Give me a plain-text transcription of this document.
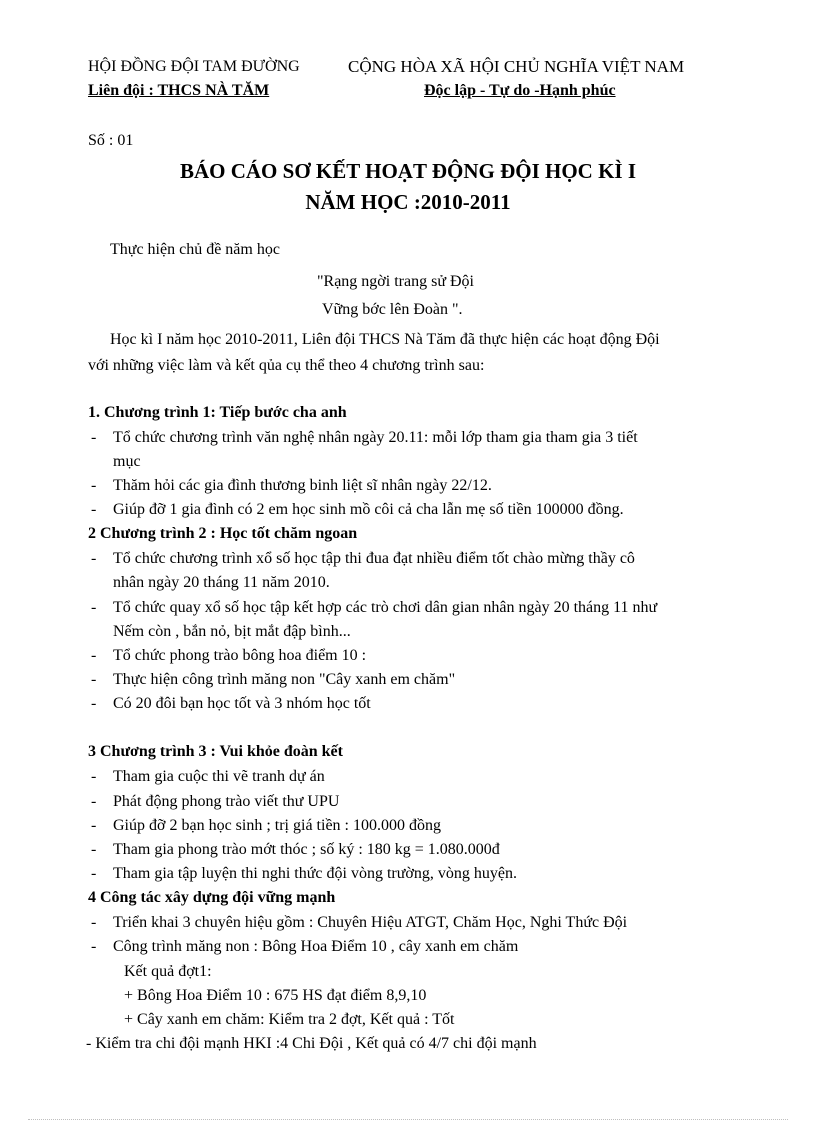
HỘI ĐỒNG ĐỘI TAM ĐƯỜNG
Liên đội : THCS NÀ TĂM
CỘNG HÒA XÃ HỘI CHỦ NGHĨA VIỆT NAM
Độc lập - Tự do -Hạnh phúc
Số : 01
BÁO CÁO SƠ KẾT HOẠT ĐỘNG ĐỘI HỌC KÌ I
NĂM HỌC :2010-2011
Thực hiện chủ đề năm học
"Rạng ngời trang sử Đội
Vững bớc lên Đoàn ".
Học kì I năm học 2010-2011, Liên đội THCS Nà Tăm đã thực hiện các hoạt động Đội
với những việc làm và kết qủa cụ thể theo 4 chương trình sau:
1. Chương trình 1: Tiếp bước cha anh
- Tổ chức chương trình văn nghệ nhân ngày 20.11: mỗi lớp tham gia tham gia 3 tiết
mục
- Thăm hỏi các gia đình thương binh liệt sĩ nhân ngày 22/12.
- Giúp đỡ 1 gia đình có 2 em học sinh mồ côi cả cha lẫn mẹ số tiền 100000 đồng.
2 Chương trình 2 : Học tốt chăm ngoan
- Tổ chức chương trình xổ số học tập thi đua đạt nhiều điểm tốt chào mừng thầy cô
nhân ngày 20 tháng 11 năm 2010.
- Tổ chức quay xổ số học tập kết hợp các trò chơi dân gian nhân ngày 20 tháng 11 như
Nếm còn , bắn nỏ, bịt mắt đập bình...
- Tổ chức phong trào bông hoa điểm 10 :
- Thực hiện công trình măng non "Cây xanh em chăm"
- Có 20 đôi bạn học tốt và 3 nhóm học tốt
3 Chương trình 3 : Vui khỏe đoàn kết
- Tham gia cuộc thi vẽ tranh dự án
- Phát động phong trào viết thư UPU
- Giúp đỡ 2 bạn học sinh ; trị giá tiền : 100.000 đồng
- Tham gia phong trào mớt thóc ; số ký : 180 kg = 1.080.000đ
- Tham gia tập luyện thi nghi thức đội vòng trường, vòng huyện.
4 Công tác xây dựng đội vững mạnh
- Triển khai 3 chuyên hiệu gồm : Chuyên Hiệu ATGT, Chăm Học, Nghi Thức Đội
- Công trình măng non : Bông Hoa Điểm 10 , cây xanh em chăm
Kết quả đợt1:
+ Bông Hoa Điểm 10 : 675 HS đạt điểm 8,9,10
+ Cây xanh em chăm: Kiểm tra 2 đợt, Kết quả : Tốt
- Kiểm tra chi đội mạnh HKI :4 Chi Đội , Kết quả có 4/7 chi đội mạnh
